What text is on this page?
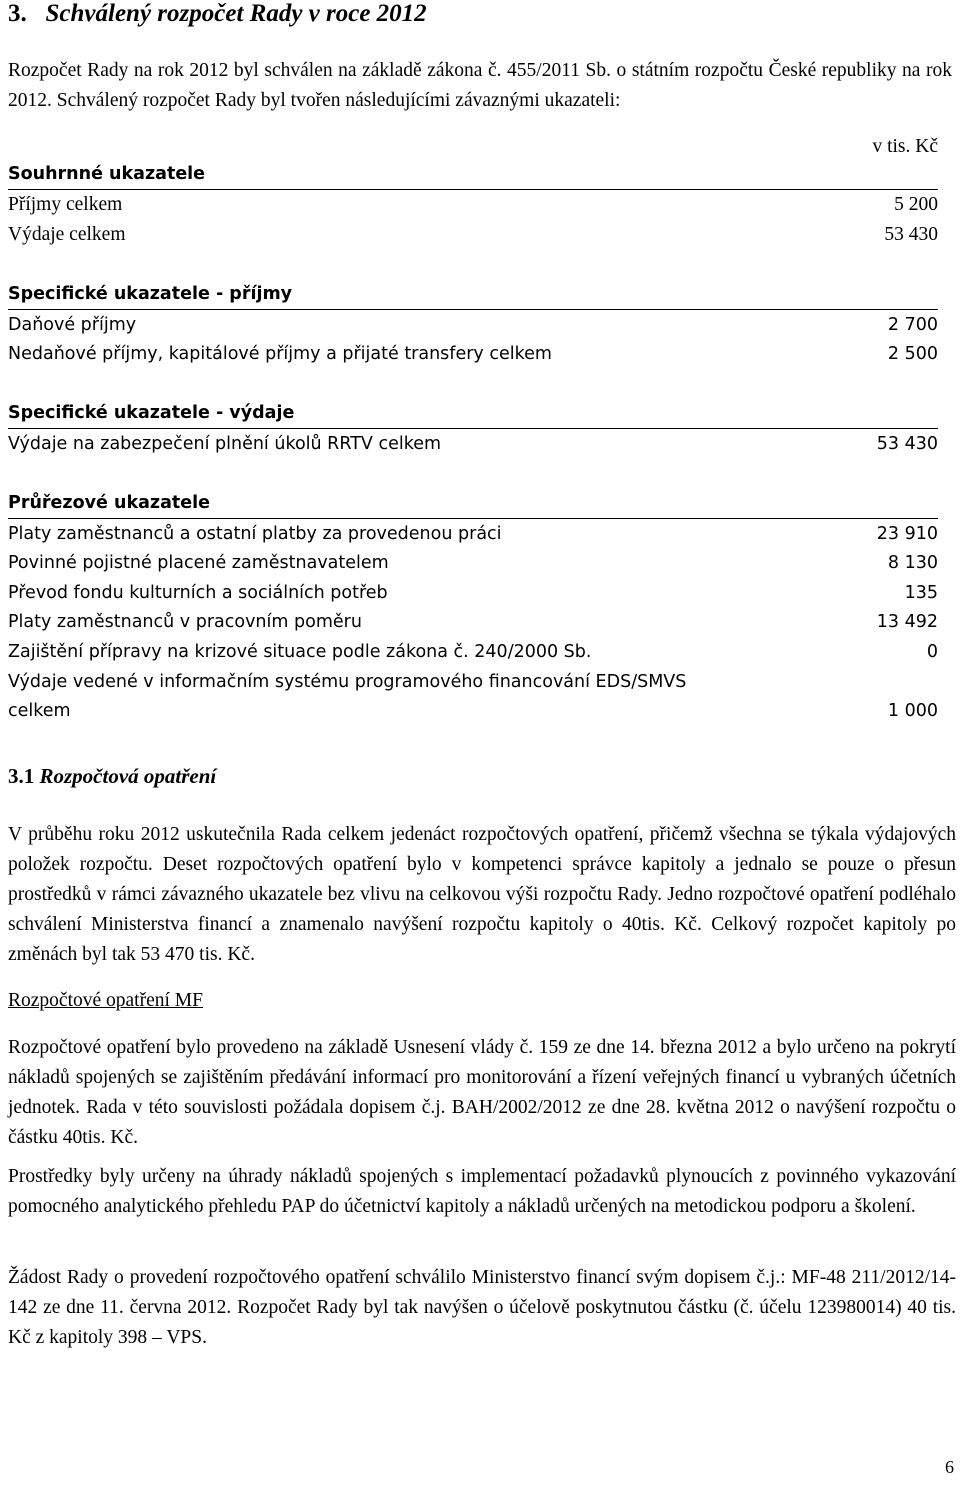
3. Schválený rozpočet Rady v roce 2012
Rozpočet Rady na rok 2012 byl schválen na základě zákona č. 455/2011 Sb. o státním rozpočtu České republiky na rok 2012. Schválený rozpočet Rady byl tvořen následujícími závaznými ukazateli:
v tis. Kč
Souhrnné ukazatele
Příjmy celkem	5 200
Výdaje celkem	53 430
Specifické ukazatele - příjmy
Daňové příjmy	2 700
Nedaňové příjmy, kapitálové příjmy a přijaté transfery celkem	2 500
Specifické ukazatele - výdaje
Výdaje na zabezpečení plnění úkolů RRTV celkem	53 430
Průřezové ukazatele
Platy zaměstnanců a ostatní platby za provedenou práci	23 910
Povinné pojistné placené zaměstnavatelem	8 130
Převod fondu kulturních a sociálních potřeb	135
Platy zaměstnanců v pracovním poměru	13 492
Zajištění přípravy na krizové situace podle zákona č. 240/2000 Sb.	0
Výdaje vedené v informačním systému programového financování EDS/SMVS
celkem	1 000
3.1 Rozpočtová opatření
V průběhu roku 2012 uskutečnila Rada celkem jedenáct rozpočtových opatření, přičemž všechna se týkala výdajových položek rozpočtu. Deset rozpočtových opatření bylo v kompetenci správce kapitoly a jednalo se pouze o přesun prostředků v rámci závazného ukazatele bez vlivu na celkovou výši rozpočtu Rady. Jedno rozpočtové opatření podléhalo schválení Ministerstva financí a znamenalo navýšení rozpočtu kapitoly o 40tis. Kč. Celkový rozpočet kapitoly po změnách byl tak 53 470 tis. Kč.
Rozpočtové opatření MF
Rozpočtové opatření bylo provedeno na základě Usnesení vlády č. 159 ze dne 14. března 2012 a bylo určeno na pokrytí nákladů spojených se zajištěním předávání informací pro monitorování a řízení veřejných financí u vybraných účetních jednotek. Rada v této souvislosti požádala dopisem č.j. BAH/2002/2012 ze dne 28. května 2012 o navýšení rozpočtu o částku 40tis. Kč.
Prostředky byly určeny na úhrady nákladů spojených s implementací požadavků plynoucích z povinného vykazování pomocného analytického přehledu PAP do účetnictví kapitoly a nákladů určených na metodickou podporu a školení.
Žádost Rady o provedení rozpočtového opatření schválilo Ministerstvo financí svým dopisem č.j.: MF-48 211/2012/14-142 ze dne 11. června 2012. Rozpočet Rady byl tak navýšen o účelově poskytnutou částku (č. účelu 123980014) 40 tis. Kč z kapitoly 398 – VPS.
6
